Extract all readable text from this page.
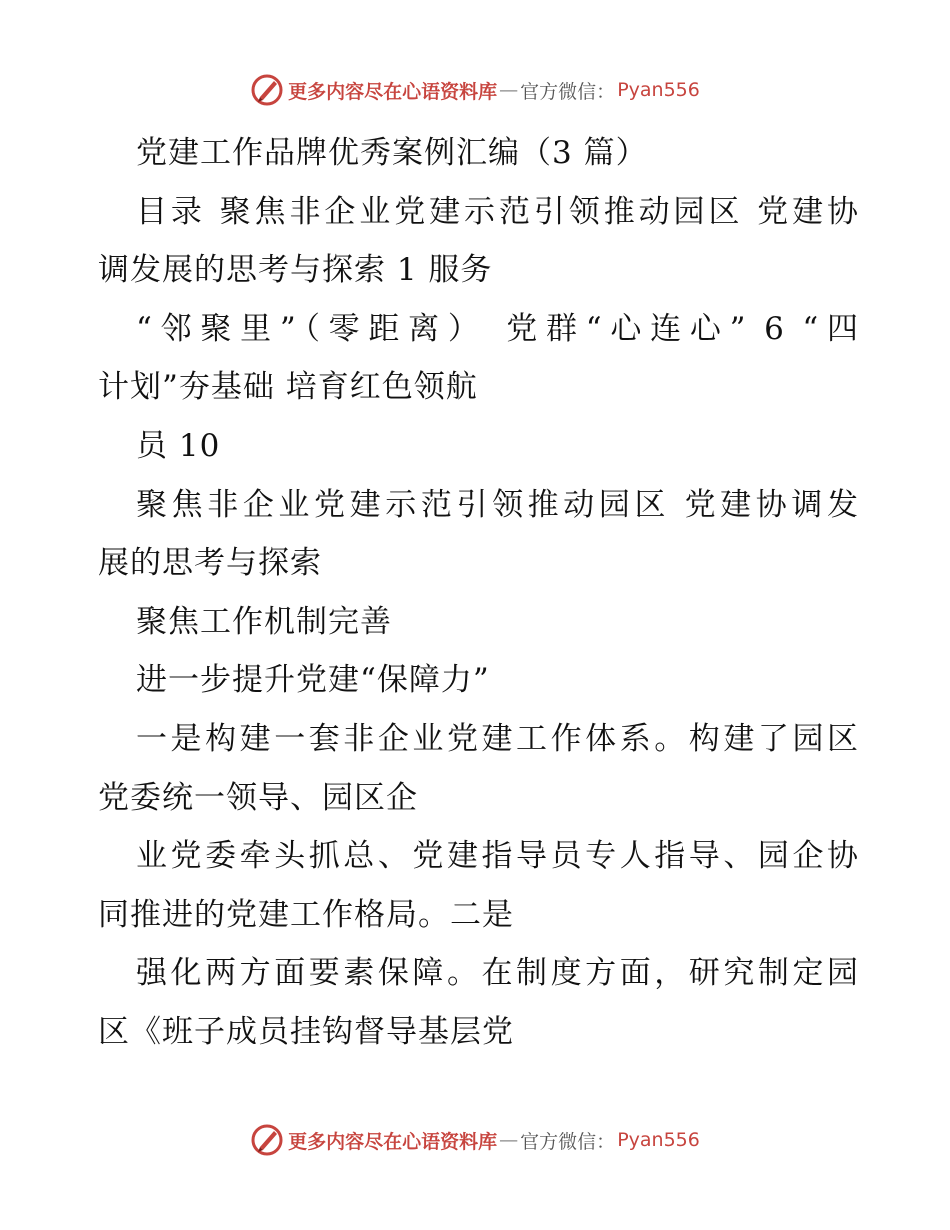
更多内容尽在心语资料库 — 官方微信： Pyan556
党建工作品牌优秀案例汇编（3 篇）
目录 聚焦非企业党建示范引领推动园区 党建协
调发展的思考与探索 1 服务
“邻聚里”（零距离） 党群“心连心” 6 “四
计划”夯基础 培育红色领航
员 10
聚焦非企业党建示范引领推动园区 党建协调发
展的思考与探索
聚焦工作机制完善
进一步提升党建“保障力”
一是构建一套非企业党建工作体系。构建了园区
党委统一领导、园区企
业党委牵头抓总、党建指导员专人指导、园企协
同推进的党建工作格局。二是
强化两方面要素保障。在制度方面，研究制定园
区《班子成员挂钩督导基层党
更多内容尽在心语资料库 — 官方微信： Pyan556
